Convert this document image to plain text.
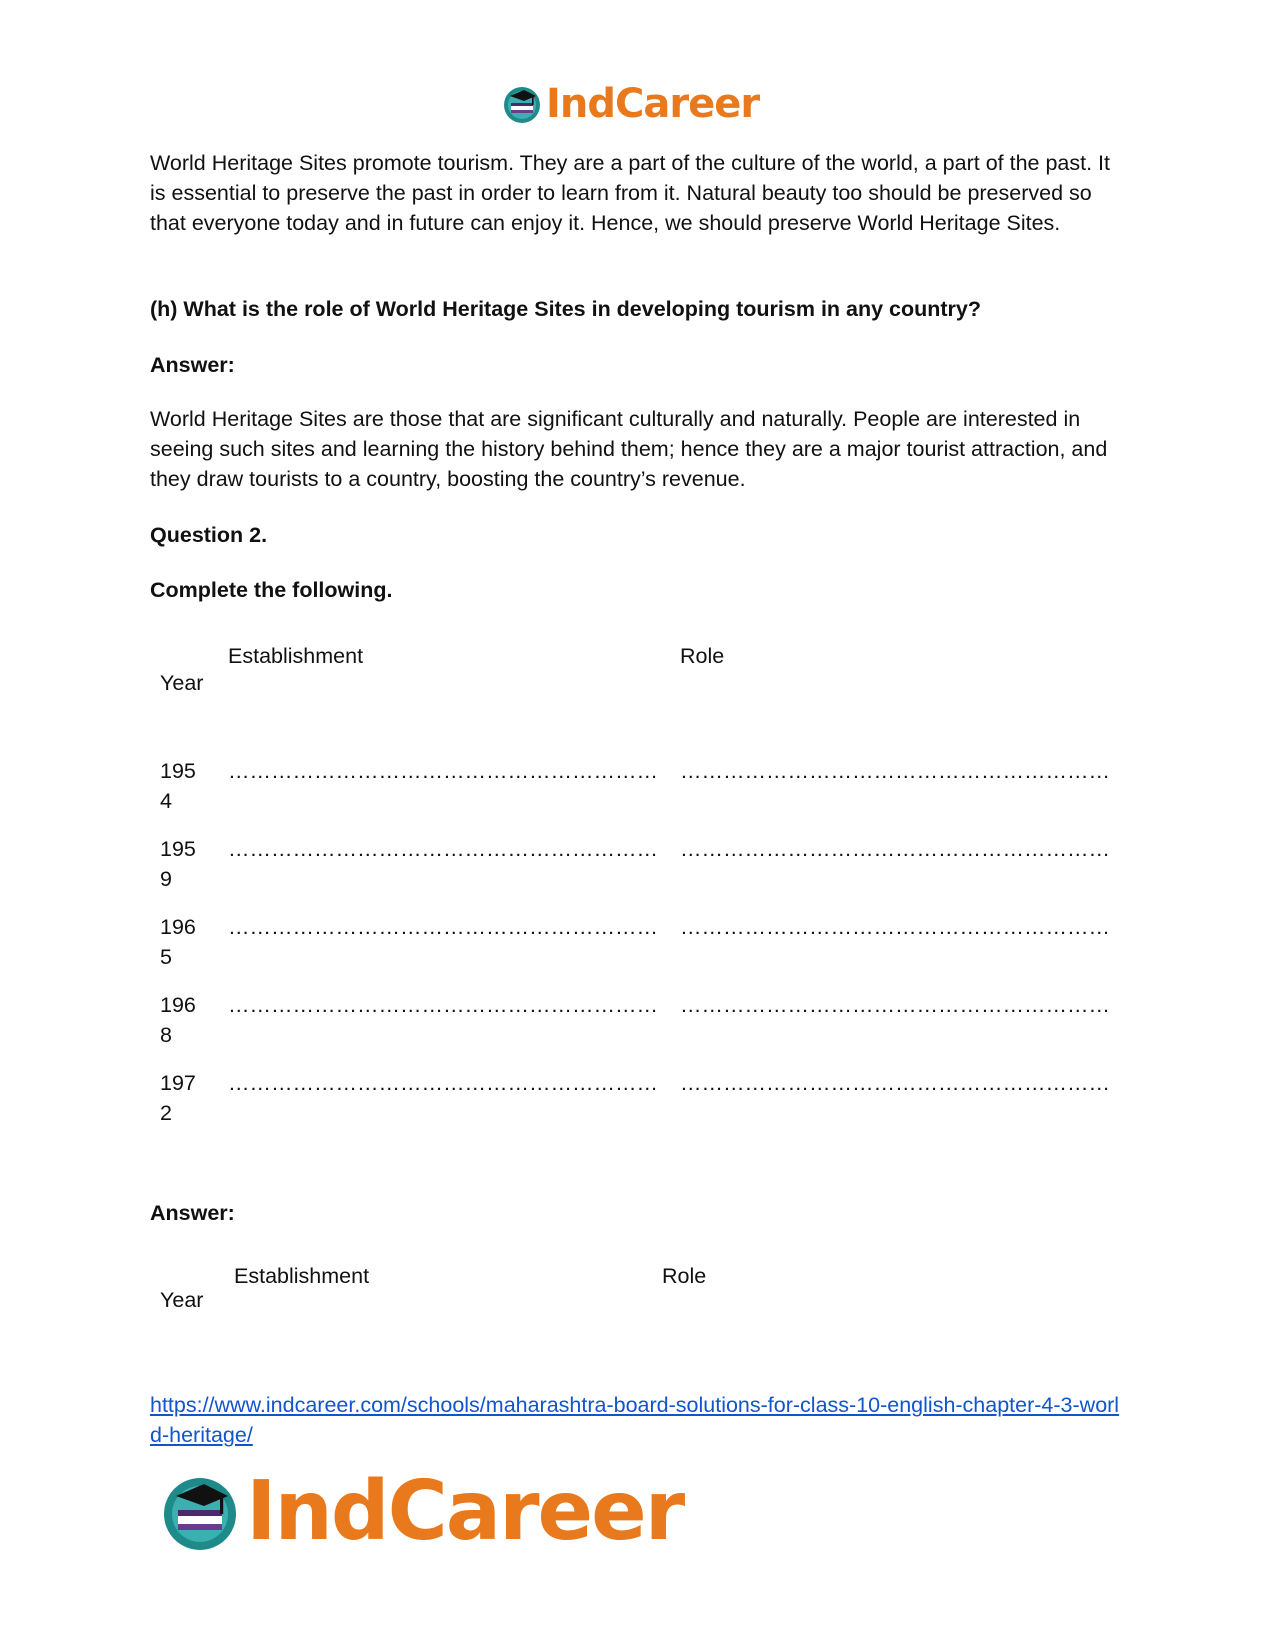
IndCareer

World Heritage Sites promote tourism. They are a part of the culture of the world, a part of the past. It is essential to preserve the past in order to learn from it. Natural beauty too should be preserved so that everyone today and in future can enjoy it. Hence, we should preserve World Heritage Sites.

(h) What is the role of World Heritage Sites in developing tourism in any country?

Answer:

World Heritage Sites are those that are significant culturally and naturally. People are interested in seeing such sites and learning the history behind them; hence they are a major tourist attraction, and they draw tourists to a country, boosting the country’s revenue.

Question 2.

Complete the following.

Year
Establishment	Role
1954
…………………………………………………… ……………………………………………………
1959
…………………………………………………… ……………………………………………………
1965
…………………………………………………… ……………………………………………………
1968
…………………………………………………… ……………………………………………………
1972
…………………………………………………… ……………………………………………………

Answer:

Year
Establishment	Role
https://www.indcareer.com/schools/maharashtra-board-solutions-for-class-10-english-chapter-4-3-world-heritage/
IndCareer
